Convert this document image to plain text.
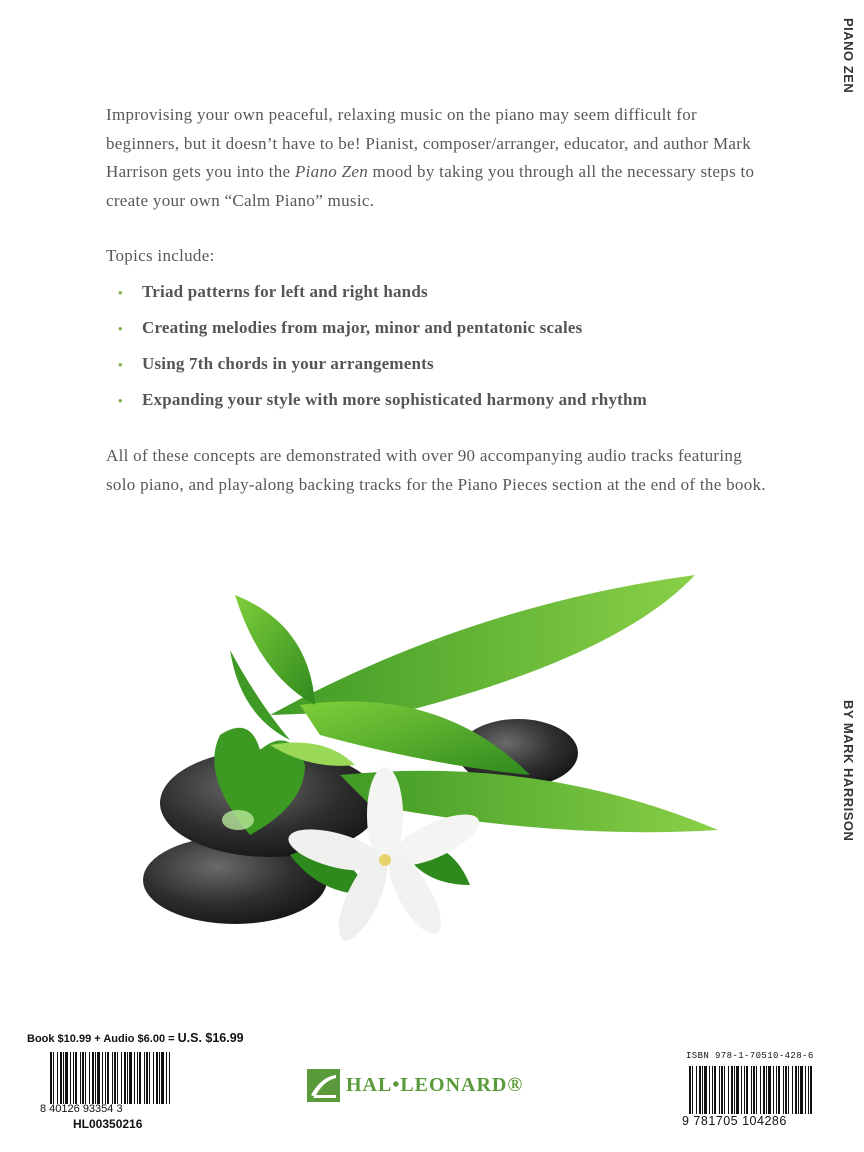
PIANO ZEN
BY MARK HARRISON

Improvising your own peaceful, relaxing music on the piano may seem difficult for beginners, but it doesn’t have to be! Pianist, composer/arranger, educator, and author Mark Harrison gets you into the Piano Zen mood by taking you through all the necessary steps to create your own “Calm Piano” music.

Topics include:

• Triad patterns for left and right hands
• Creating melodies from major, minor and pentatonic scales
• Using 7th chords in your arrangements
• Expanding your style with more sophisticated harmony and rhythm

All of these concepts are demonstrated with over 90 accompanying audio tracks featuring solo piano, and play-along backing tracks for the Piano Pieces section at the end of the book.

Book $10.99 + Audio $6.00 = U.S. $16.99
8 40126 93354 3
HL00350216
HAL•LEONARD®
ISBN 978-1-70510-428-6
9 781705 104286
